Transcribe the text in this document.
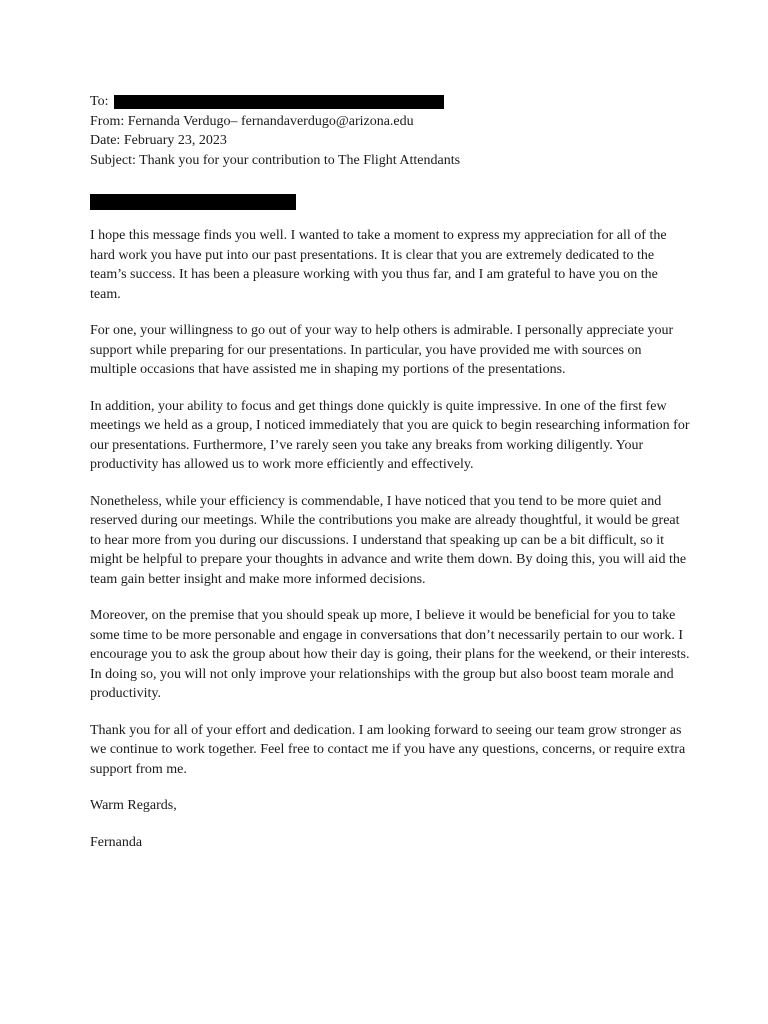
To:
From: Fernanda Verdugo– fernandaverdugo@arizona.edu
Date: February 23, 2023
Subject: Thank you for your contribution to The Flight Attendants

I hope this message finds you well. I wanted to take a moment to express my appreciation for all of the hard work you have put into our past presentations. It is clear that you are extremely dedicated to the team’s success. It has been a pleasure working with you thus far, and I am grateful to have you on the team.

For one, your willingness to go out of your way to help others is admirable. I personally appreciate your support while preparing for our presentations. In particular, you have provided me with sources on multiple occasions that have assisted me in shaping my portions of the presentations.

In addition, your ability to focus and get things done quickly is quite impressive. In one of the first few meetings we held as a group, I noticed immediately that you are quick to begin researching information for our presentations. Furthermore, I’ve rarely seen you take any breaks from working diligently. Your productivity has allowed us to work more efficiently and effectively.

Nonetheless, while your efficiency is commendable, I have noticed that you tend to be more quiet and reserved during our meetings. While the contributions you make are already thoughtful, it would be great to hear more from you during our discussions. I understand that speaking up can be a bit difficult, so it might be helpful to prepare your thoughts in advance and write them down. By doing this, you will aid the team gain better insight and make more informed decisions.

Moreover, on the premise that you should speak up more, I believe it would be beneficial for you to take some time to be more personable and engage in conversations that don’t necessarily pertain to our work. I encourage you to ask the group about how their day is going, their plans for the weekend, or their interests. In doing so, you will not only improve your relationships with the group but also boost team morale and productivity.

Thank you for all of your effort and dedication. I am looking forward to seeing our team grow stronger as we continue to work together. Feel free to contact me if you have any questions, concerns, or require extra support from me.

Warm Regards,
Fernanda
